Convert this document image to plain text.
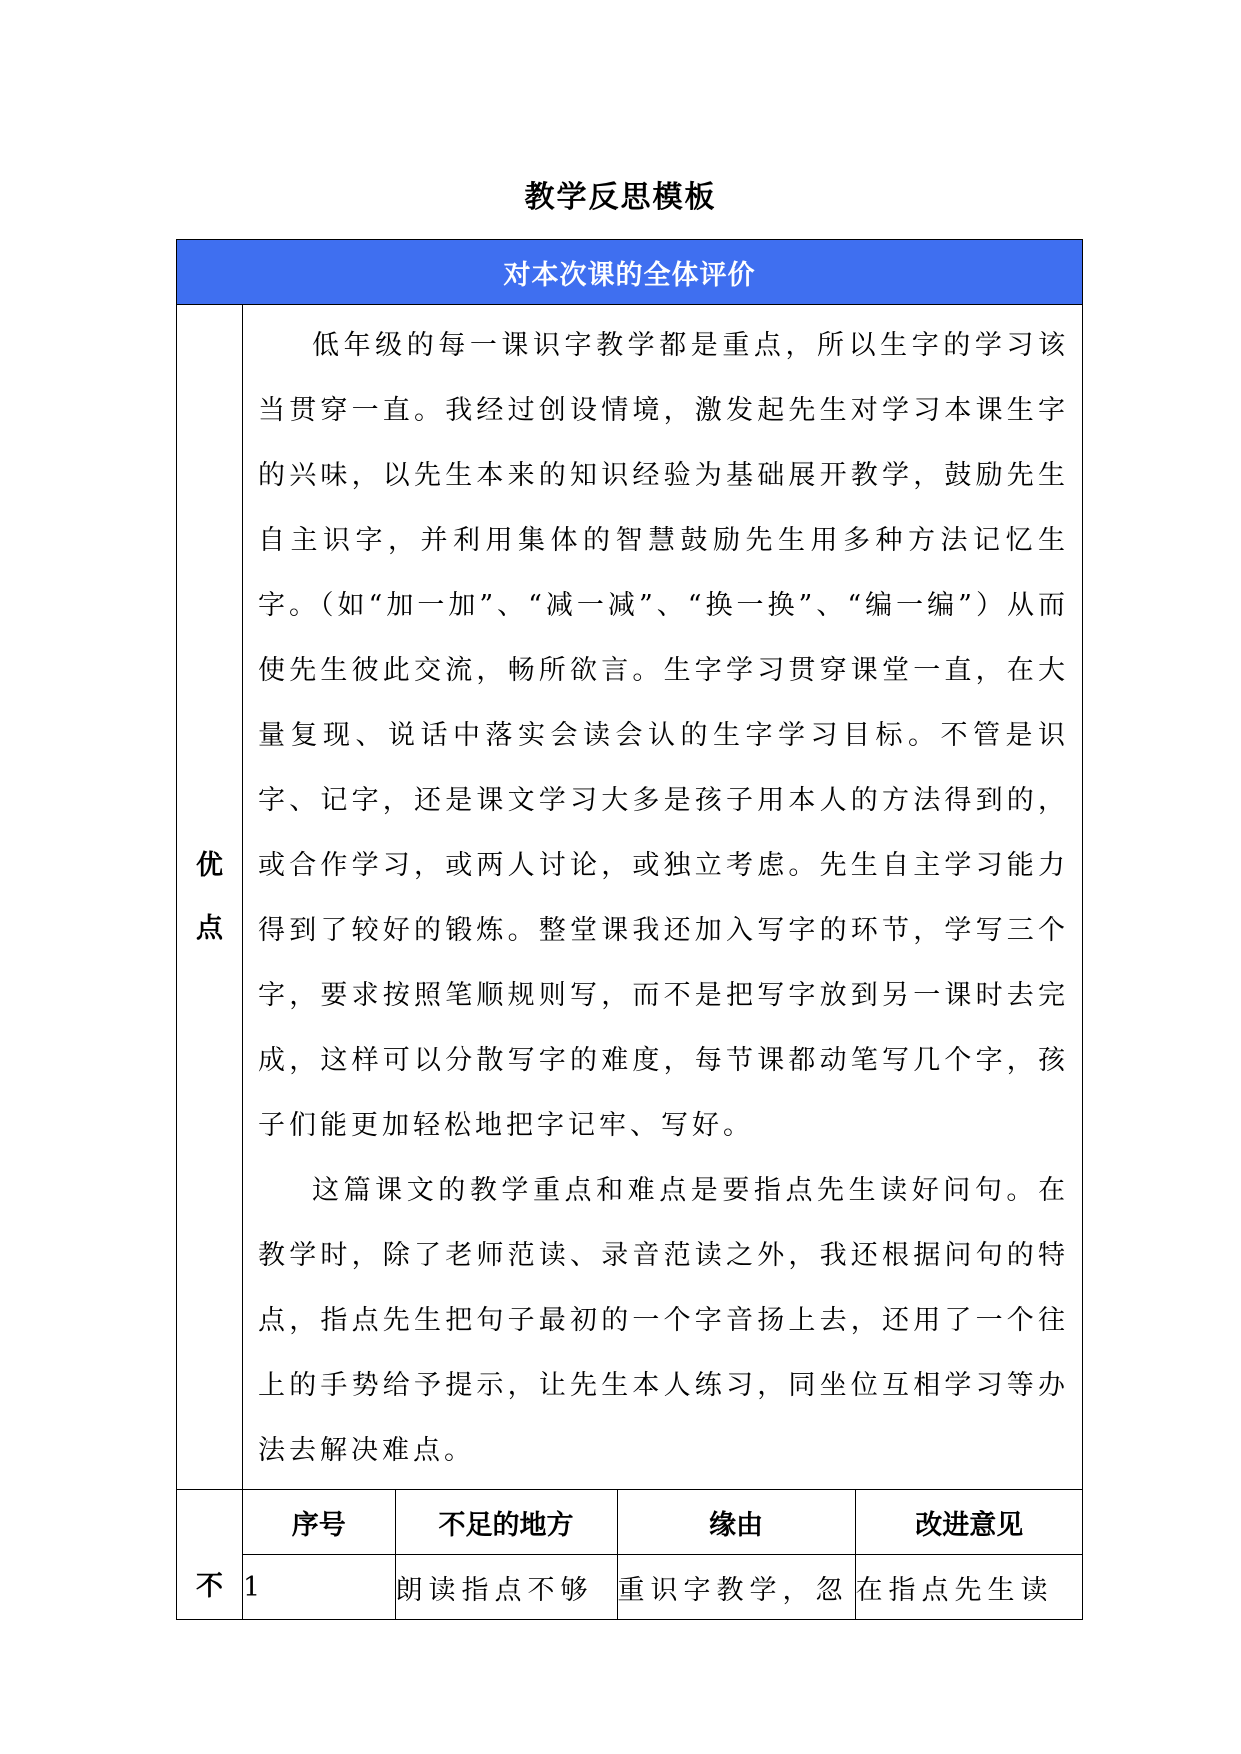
教学反思模板
对本次课的全体评价

优
点

低年级的每一课识字教学都是重点，所以生字的学习该当贯穿一直。我经过创设情境，激发起先生对学习本课生字的兴味，以先生本来的知识经验为基础展开教学，鼓励先生自主识字，并利用集体的智慧鼓励先生用多种方法记忆生字。（如“加一加”、“减一减”、“换一换”、“编一编”）从而使先生彼此交流，畅所欲言。生字学习贯穿课堂一直，在大量复现、说话中落实会读会认的生字学习目标。不管是识字、记字，还是课文学习大多是孩子用本人的方法得到的，或合作学习，或两人讨论，或独立考虑。先生自主学习能力得到了较好的锻炼。整堂课我还加入写字的环节，学写三个字，要求按照笔顺规则写，而不是把写字放到另一课时去完成，这样可以分散写字的难度，每节课都动笔写几个字，孩子们能更加轻松地把字记牢、写好。

这篇课文的教学重点和难点是要指点先生读好问句。在教学时，除了老师范读、录音范读之外，我还根据问句的特点，指点先生把句子最初的一个字音扬上去，还用了一个往上的手势给予提示，让先生本人练习，同坐位互相学习等办法去解决难点。

不	
序号	不足的地方	缘由	改进意见
1	朗读指点不够	重识字教学，忽	在指点先生读
